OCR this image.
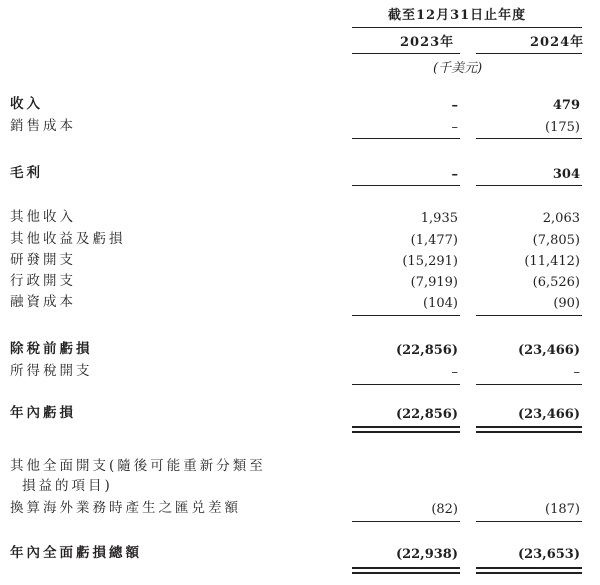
截至12月31日止年度
2023年	2024年
(千美元)
收入	–	479
銷售成本	–	(175)
毛利	–	304
其他收入	1,935	2,063
其他收益及虧損	(1,477)	(7,805)
研發開支	(15,291)	(11,412)
行政開支	(7,919)	(6,526)
融資成本	(104)	(90)
除稅前虧損	(22,856)	(23,466)
所得稅開支	–	–
年內虧損	(22,856)	(23,466)
其他全面開支(隨後可能重新分類至
損益的項目)
換算海外業務時產生之匯兑差額	(82)	(187)
年內全面虧損總額	(22,938)	(23,653)
